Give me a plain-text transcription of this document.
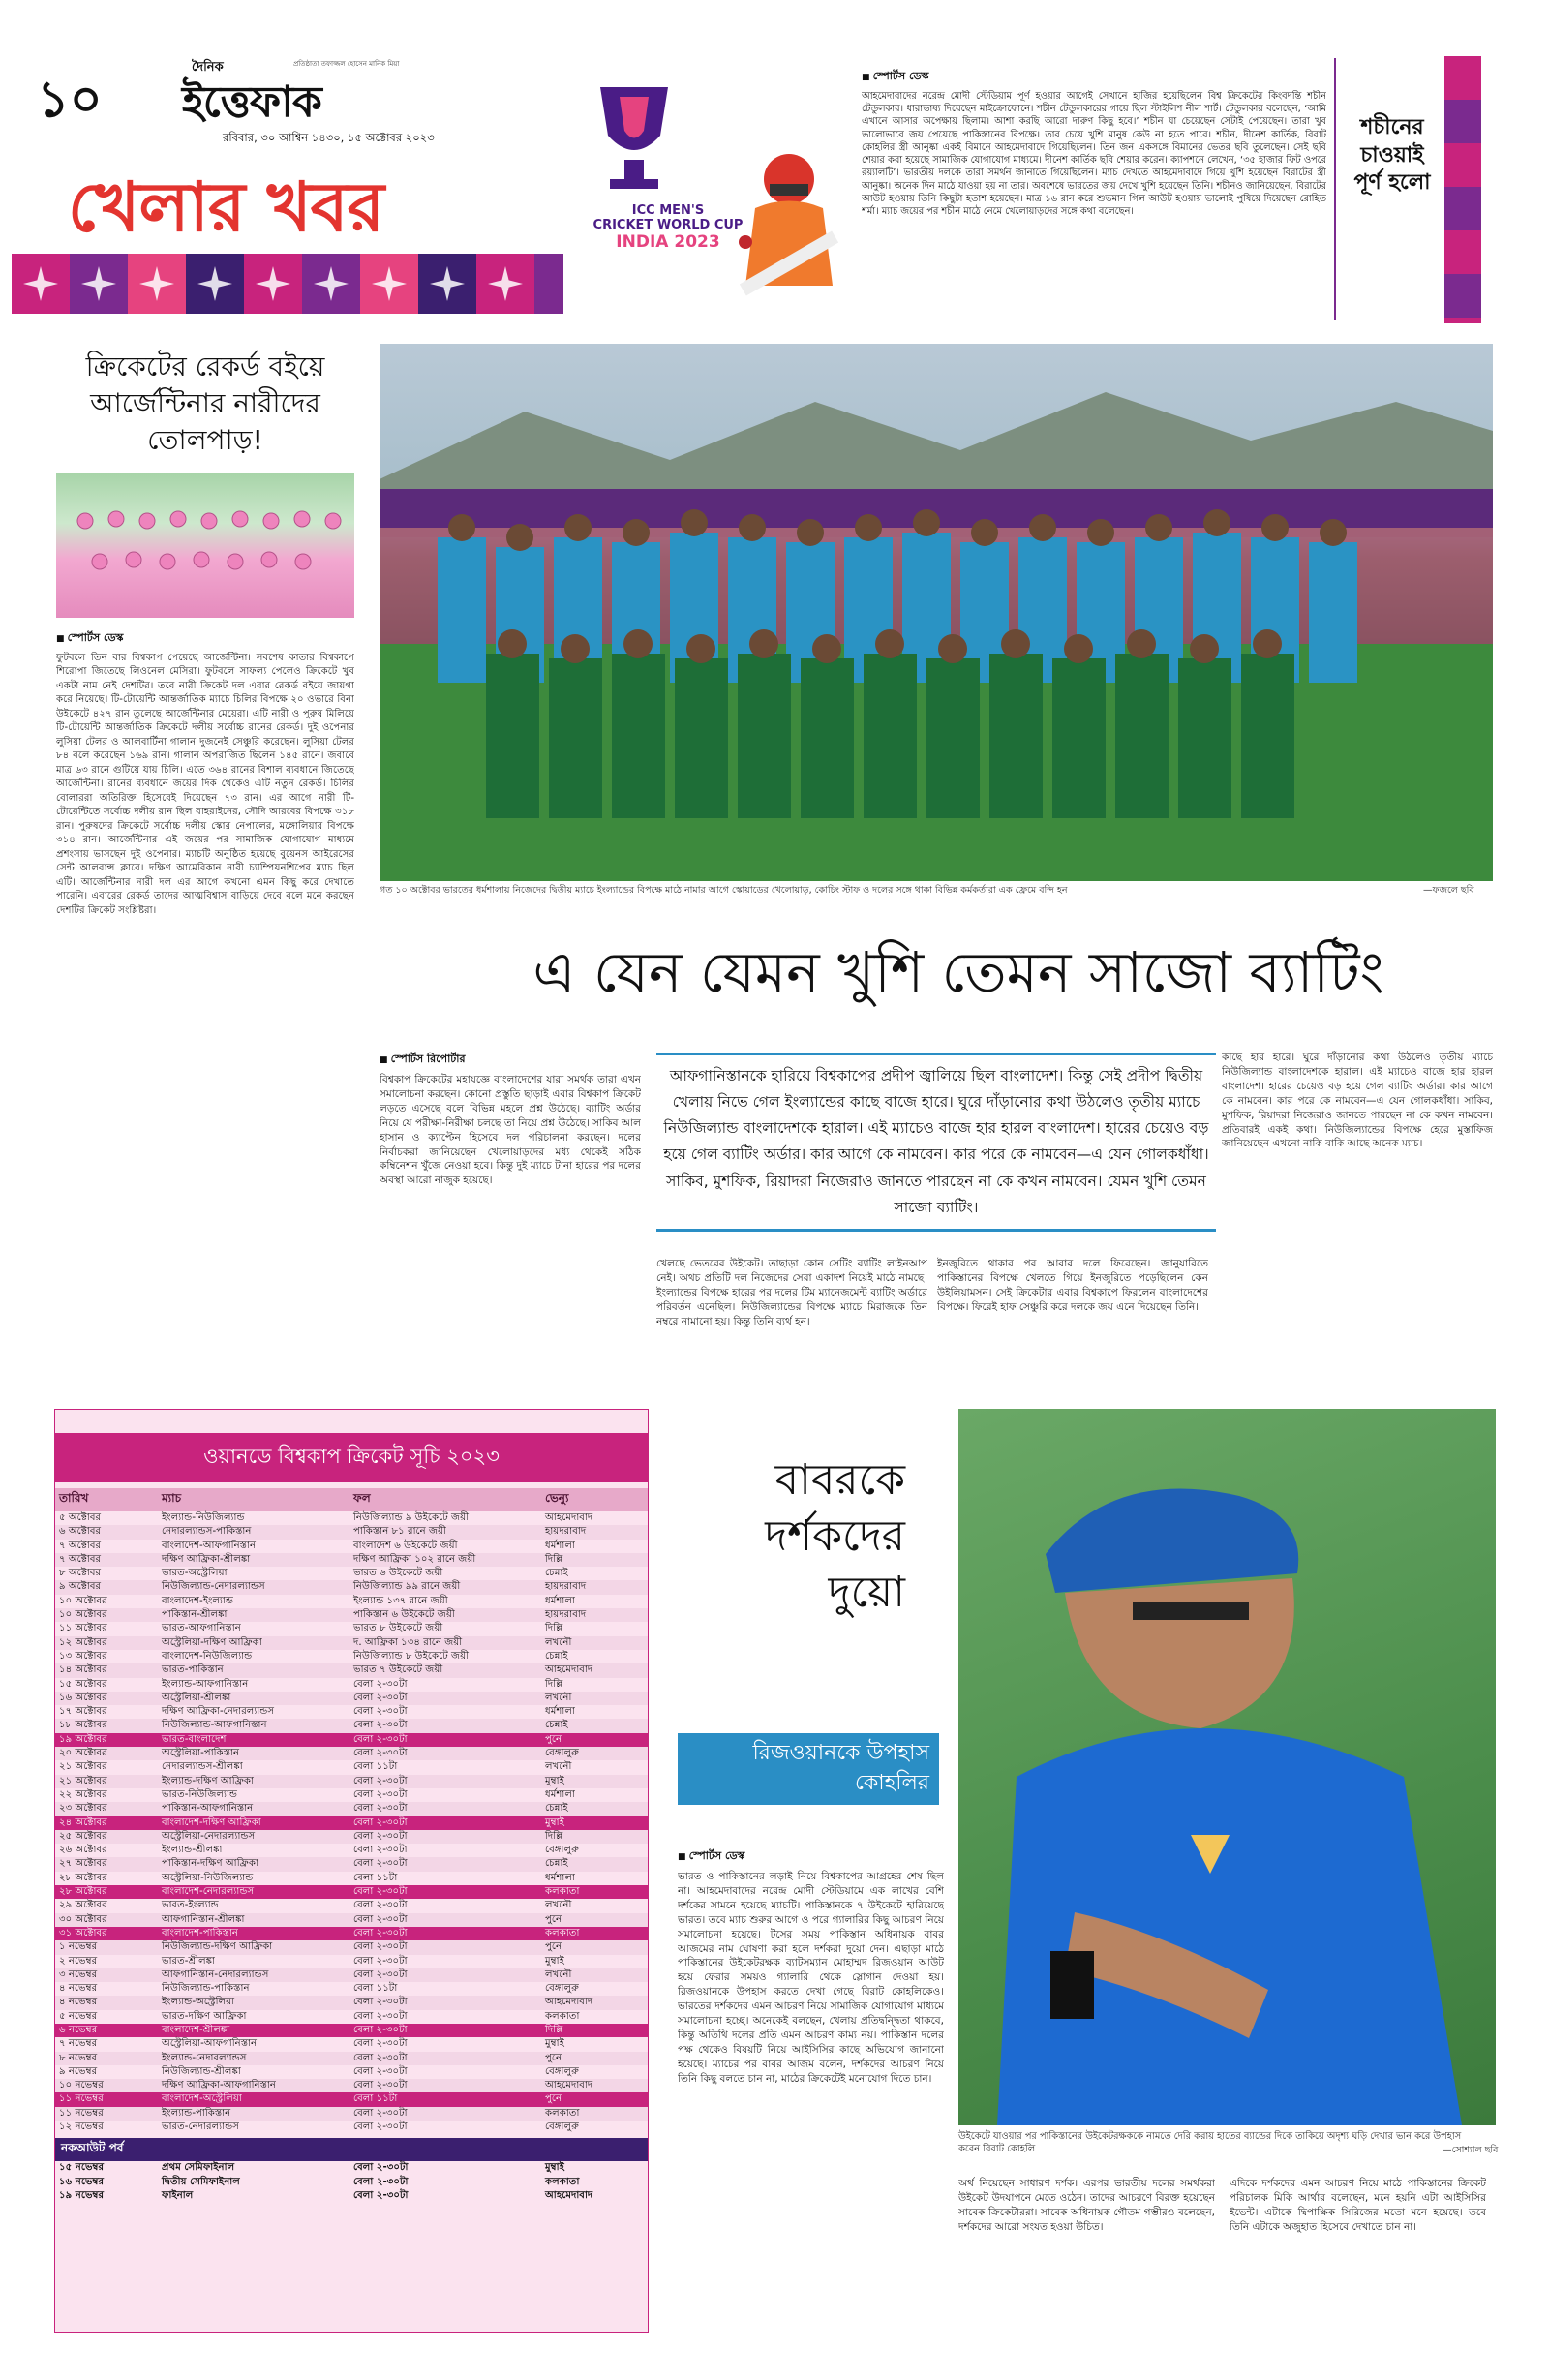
১০
দৈনিক
ইত্তেফাক
প্রতিষ্ঠাতা তফাজ্জল হোসেন মানিক মিয়া
রবিবার, ৩০ আশ্বিন ১৪৩০, ১৫ অক্টোবর ২০২৩
খেলার খবর	ICC MEN'S
CRICKET WORLD CUP
INDIA 2023
■ স্পোর্টস ডেস্ক
আহমেদাবাদের নরেন্দ্র মোদী স্টেডিয়াম পূর্ণ হওয়ার আগেই সেখানে হাজির হয়েছিলেন বিশ্ব ক্রিকেটের কিংবদন্তি শচীন টেন্ডুলকার। ধারাভাষ্য দিয়েছেন মাইক্রোফোনে। শচীন টেন্ডুলকারের গায়ে ছিল স্টাইলিশ নীল শার্ট। টেন্ডুলকার বলেছেন, ‘আমি এখানে আসার অপেক্ষায় ছিলাম। আশা করছি আরো দারুণ কিছু হবে।’ শচীন যা চেয়েছেন সেটাই পেয়েছেন। তারা খুব ভালোভাবে জয় পেয়েছে পাকিস্তানের বিপক্ষে। তার চেয়ে খুশি মানুষ কেউ না হতে পারে। শচীন, দীনেশ কার্তিক, বিরাট কোহলির স্ত্রী আনুষ্কা একই বিমানে আহমেদাবাদে গিয়েছিলেন। তিন জন একসঙ্গে বিমানের ভেতর ছবি তুলেছেন। সেই ছবি শেয়ার করা হয়েছে সামাজিক যোগাযোগ মাধ্যমে। দীনেশ কার্তিক ছবি শেয়ার করেন। ক্যাপশনে লেখেন, ‘৩৫ হাজার ফিট ওপরে রয়্যালটি’। ভারতীয় দলকে তারা সমর্থন জানাতে গিয়েছিলেন। ম্যাচ দেখতে আহমেদাবাদে গিয়ে খুশি হয়েছেন বিরাটের স্ত্রী আনুষ্কা। অনেক দিন মাঠে যাওয়া হয় না তার। অবশেষে ভারতের জয় দেখে খুশি হয়েছেন তিনি। শচীনও জানিয়েছেন, বিরাটের আউট হওয়ায় তিনি কিছুটা হতাশ হয়েছেন। মাত্র ১৬ রান করে শুভমান গিল আউট হওয়ায় ভালোই পুষিয়ে দিয়েছেন রোহিত শর্মা। ম্যাচ জয়ের পর শচীন মাঠে নেমে খেলোয়াড়দের সঙ্গে কথা বলেছেন।
শচীনের চাওয়াই পূর্ণ হলো
ক্রিকেটের রেকর্ড বইয়ে আর্জেন্টিনার নারীদের তোলপাড়!
■ স্পোর্টস ডেস্ক
ফুটবলে তিন বার বিশ্বকাপ পেয়েছে আর্জেন্টিনা। সবশেষ কাতার বিশ্বকাপে শিরোপা জিতেছে লিওনেল মেসিরা। ফুটবলে সাফল্য পেলেও ক্রিকেটে খুব একটা নাম নেই দেশটির। তবে নারী ক্রিকেট দল এবার রেকর্ড বইয়ে জায়গা করে নিয়েছে। টি-টোয়েন্টি আন্তর্জাতিক ম্যাচে চিলির বিপক্ষে ২০ ওভারে বিনা উইকেটে ৪২৭ রান তুলেছে আর্জেন্টিনার মেয়েরা। এটি নারী ও পুরুষ মিলিয়ে টি-টোয়েন্টি আন্তর্জাতিক ক্রিকেটে দলীয় সর্বোচ্চ রানের রেকর্ড। দুই ওপেনার লুসিয়া টেলর ও আলবার্টিনা গালান দুজনেই সেঞ্চুরি করেছেন। লুসিয়া টেলর ৮৪ বলে করেছেন ১৬৯ রান। গালান অপরাজিত ছিলেন ১৪৫ রানে। জবাবে মাত্র ৬৩ রানে গুটিয়ে যায় চিলি। এতে ৩৬৪ রানের বিশাল ব্যবধানে জিতেছে আর্জেন্টিনা। রানের ব্যবধানে জয়ের দিক থেকেও এটি নতুন রেকর্ড। চিলির বোলাররা অতিরিক্ত হিসেবেই দিয়েছেন ৭৩ রান। এর আগে নারী টি-টোয়েন্টিতে সর্বোচ্চ দলীয় রান ছিল বাহরাইনের, সৌদি আরবের বিপক্ষে ৩১৮ রান। পুরুষদের ক্রিকেটে সর্বোচ্চ দলীয় স্কোর নেপালের, মঙ্গোলিয়ার বিপক্ষে ৩১৪ রান। আর্জেন্টিনার এই জয়ের পর সামাজিক যোগাযোগ মাধ্যমে প্রশংসায় ভাসছেন দুই ওপেনার। ম্যাচটি অনুষ্ঠিত হয়েছে বুয়েনস আইরেসের সেন্ট আলবান্স ক্লাবে। দক্ষিণ আমেরিকান নারী চ্যাম্পিয়নশিপের ম্যাচ ছিল এটি। আর্জেন্টিনার নারী দল এর আগে কখনো এমন কিছু করে দেখাতে পারেনি। এবারের রেকর্ড তাদের আত্মবিশ্বাস বাড়িয়ে দেবে বলে মনে করছেন দেশটির ক্রিকেট সংশ্লিষ্টরা।
গত ১০ অক্টোবর ভারতের ধর্মশালায় নিজেদের দ্বিতীয় ম্যাচে ইংল্যান্ডের বিপক্ষে মাঠে নামার আগে স্কোয়াডের খেলোয়াড়, কোচিং স্টাফ ও দলের সঙ্গে থাকা বিভিন্ন কর্মকর্তারা এক ফ্রেমে বন্দি হন	—ফজলে ছবি
এ যেন যেমন খুশি তেমন সাজো ব্যাটিং
■ স্পোর্টস রিপোর্টার
বিশ্বকাপ ক্রিকেটের মহাযজ্ঞে বাংলাদেশের যারা সমর্থক তারা এখন সমালোচনা করছেন। কোনো প্রস্তুতি ছাড়াই এবার বিশ্বকাপ ক্রিকেট লড়তে এসেছে বলে বিভিন্ন মহলে প্রশ্ন উঠেছে। ব্যাটিং অর্ডার নিয়ে যে পরীক্ষা-নিরীক্ষা চলছে তা নিয়ে প্রশ্ন উঠেছে। সাকিব আল হাসান ও ক্যাপ্টেন হিসেবে দল পরিচালনা করছেন। দলের নির্বাচকরা জানিয়েছেন খেলোয়াড়দের মধ্য থেকেই সঠিক কম্বিনেশন খুঁজে নেওয়া হবে। কিন্তু দুই ম্যাচে টানা হারের পর দলের অবস্থা আরো নাজুক হয়েছে।
আফগানিস্তানকে হারিয়ে বিশ্বকাপের প্রদীপ জ্বালিয়ে ছিল বাংলাদেশ। কিন্তু সেই প্রদীপ দ্বিতীয় খেলায় নিভে গেল ইংল্যান্ডের কাছে বাজে হারে। ঘুরে দাঁড়ানোর কথা উঠলেও তৃতীয় ম্যাচে নিউজিল্যান্ড বাংলাদেশকে হারাল। এই ম্যাচেও বাজে হার হারল বাংলাদেশ। হারের চেয়েও বড় হয়ে গেল ব্যাটিং অর্ডার। কার আগে কে নামবেন। কার পরে কে নামবেন—এ যেন গোলকধাঁধা। সাকিব, মুশফিক, রিয়াদরা নিজেরাও জানতে পারছেন না কে কখন নামবেন। যেমন খুশি তেমন সাজো ব্যাটিং।
খেলছে ভেতরের উইকেট। তাছাড়া কোন সেটিং ব্যাটিং লাইনআপ নেই। অথচ প্রতিটি দল নিজেদের সেরা একাদশ নিয়েই মাঠে নামছে। ইংল্যান্ডের বিপক্ষে হারের পর দলের টিম ম্যানেজমেন্ট ব্যাটিং অর্ডারে পরিবর্তন এনেছিল। নিউজিল্যান্ডের বিপক্ষে ম্যাচে মিরাজকে তিন নম্বরে নামানো হয়। কিন্তু তিনি ব্যর্থ হন।
ইনজুরিতে থাকার পর আবার দলে ফিরেছেন। জানুয়ারিতে পাকিস্তানের বিপক্ষে খেলতে গিয়ে ইনজুরিতে পড়েছিলেন কেন উইলিয়ামসন। সেই ক্রিকেটার এবার বিশ্বকাপে ফিরলেন বাংলাদেশের বিপক্ষে। ফিরেই হাফ সেঞ্চুরি করে দলকে জয় এনে দিয়েছেন তিনি।
কাছে হার হারে। ঘুরে দাঁড়ানোর কথা উঠলেও তৃতীয় ম্যাচে নিউজিল্যান্ড বাংলাদেশকে হারাল। এই ম্যাচেও বাজে হার হারল বাংলাদেশ। হারের চেয়েও বড় হয়ে গেল ব্যাটিং অর্ডার। কার আগে কে নামবেন। কার পরে কে নামবেন—এ যেন গোলকধাঁধা। সাকিব, মুশফিক, রিয়াদরা নিজেরাও জানতে পারছেন না কে কখন নামবেন। প্রতিবারই একই কথা। নিউজিল্যান্ডের বিপক্ষে হেরে মুস্তাফিজ জানিয়েছেন এখনো নাকি বাকি আছে অনেক ম্যাচ।
ওয়ানডে বিশ্বকাপ ক্রিকেট সূচি ২০২৩
তারিখ	ম্যাচ	ফল	ভেন্যু
৫ অক্টোবর	ইংল্যান্ড-নিউজিল্যান্ড	নিউজিল্যান্ড ৯ উইকেটে জয়ী	আহমেদাবাদ
৬ অক্টোবর	নেদারল্যান্ডস-পাকিস্তান	পাকিস্তান ৮১ রানে জয়ী	হায়দরাবাদ
৭ অক্টোবর	বাংলাদেশ-আফগানিস্তান	বাংলাদেশ ৬ উইকেটে জয়ী	ধর্মশালা
৭ অক্টোবর	দক্ষিণ আফ্রিকা-শ্রীলঙ্কা	দক্ষিণ আফ্রিকা ১০২ রানে জয়ী	দিল্লি
৮ অক্টোবর	ভারত-অস্ট্রেলিয়া	ভারত ৬ উইকেটে জয়ী	চেন্নাই
৯ অক্টোবর	নিউজিল্যান্ড-নেদারল্যান্ডস	নিউজিল্যান্ড ৯৯ রানে জয়ী	হায়দরাবাদ
১০ অক্টোবর	বাংলাদেশ-ইংল্যান্ড	ইংল্যান্ড ১৩৭ রানে জয়ী	ধর্মশালা
১০ অক্টোবর	পাকিস্তান-শ্রীলঙ্কা	পাকিস্তান ৬ উইকেটে জয়ী	হায়দরাবাদ
১১ অক্টোবর	ভারত-আফগানিস্তান	ভারত ৮ উইকেটে জয়ী	দিল্লি
১২ অক্টোবর	অস্ট্রেলিয়া-দক্ষিণ আফ্রিকা	দ. আফ্রিকা ১৩৪ রানে জয়ী	লখনৌ
১৩ অক্টোবর	বাংলাদেশ-নিউজিল্যান্ড	নিউজিল্যান্ড ৮ উইকেটে জয়ী	চেন্নাই
১৪ অক্টোবর	ভারত-পাকিস্তান	ভারত ৭ উইকেটে জয়ী	আহমেদাবাদ
১৫ অক্টোবর	ইংল্যান্ড-আফগানিস্তান	বেলা ২-৩০টা	দিল্লি
১৬ অক্টোবর	অস্ট্রেলিয়া-শ্রীলঙ্কা	বেলা ২-৩০টা	লখনৌ
১৭ অক্টোবর	দক্ষিণ আফ্রিকা-নেদারল্যান্ডস	বেলা ২-৩০টা	ধর্মশালা
১৮ অক্টোবর	নিউজিল্যান্ড-আফগানিস্তান	বেলা ২-৩০টা	চেন্নাই
১৯ অক্টোবর	ভারত-বাংলাদেশ	বেলা ২-৩০টা	পুনে
২০ অক্টোবর	অস্ট্রেলিয়া-পাকিস্তান	বেলা ২-৩০টা	বেঙ্গালুরু
২১ অক্টোবর	নেদারল্যান্ডস-শ্রীলঙ্কা	বেলা ১১টা	লখনৌ
২১ অক্টোবর	ইংল্যান্ড-দক্ষিণ আফ্রিকা	বেলা ২-৩০টা	মুম্বাই
২২ অক্টোবর	ভারত-নিউজিল্যান্ড	বেলা ২-৩০টা	ধর্মশালা
২৩ অক্টোবর	পাকিস্তান-আফগানিস্তান	বেলা ২-৩০টা	চেন্নাই
২৪ অক্টোবর	বাংলাদেশ-দক্ষিণ আফ্রিকা	বেলা ২-৩০টা	মুম্বাই
২৫ অক্টোবর	অস্ট্রেলিয়া-নেদারল্যান্ডস	বেলা ২-৩০টা	দিল্লি
২৬ অক্টোবর	ইংল্যান্ড-শ্রীলঙ্কা	বেলা ২-৩০টা	বেঙ্গালুরু
২৭ অক্টোবর	পাকিস্তান-দক্ষিণ আফ্রিকা	বেলা ২-৩০টা	চেন্নাই
২৮ অক্টোবর	অস্ট্রেলিয়া-নিউজিল্যান্ড	বেলা ১১টা	ধর্মশালা
২৮ অক্টোবর	বাংলাদেশ-নেদারল্যান্ডস	বেলা ২-৩০টা	কলকাতা
২৯ অক্টোবর	ভারত-ইংল্যান্ড	বেলা ২-৩০টা	লখনৌ
৩০ অক্টোবর	আফগানিস্তান-শ্রীলঙ্কা	বেলা ২-৩০টা	পুনে
৩১ অক্টোবর	বাংলাদেশ-পাকিস্তান	বেলা ২-৩০টা	কলকাতা
১ নভেম্বর	নিউজিল্যান্ড-দক্ষিণ আফ্রিকা	বেলা ২-৩০টা	পুনে
২ নভেম্বর	ভারত-শ্রীলঙ্কা	বেলা ২-৩০টা	মুম্বাই
৩ নভেম্বর	আফগানিস্তান-নেদারল্যান্ডস	বেলা ২-৩০টা	লখনৌ
৪ নভেম্বর	নিউজিল্যান্ড-পাকিস্তান	বেলা ১১টা	বেঙ্গালুরু
৪ নভেম্বর	ইংল্যান্ড-অস্ট্রেলিয়া	বেলা ২-৩০টা	আহমেদাবাদ
৫ নভেম্বর	ভারত-দক্ষিণ আফ্রিকা	বেলা ২-৩০টা	কলকাতা
৬ নভেম্বর	বাংলাদেশ-শ্রীলঙ্কা	বেলা ২-৩০টা	দিল্লি
৭ নভেম্বর	অস্ট্রেলিয়া-আফগানিস্তান	বেলা ২-৩০টা	মুম্বাই
৮ নভেম্বর	ইংল্যান্ড-নেদারল্যান্ডস	বেলা ২-৩০টা	পুনে
৯ নভেম্বর	নিউজিল্যান্ড-শ্রীলঙ্কা	বেলা ২-৩০টা	বেঙ্গালুরু
১০ নভেম্বর	দক্ষিণ আফ্রিকা-আফগানিস্তান	বেলা ২-৩০টা	আহমেদাবাদ
১১ নভেম্বর	বাংলাদেশ-অস্ট্রেলিয়া	বেলা ১১টা	পুনে
১১ নভেম্বর	ইংল্যান্ড-পাকিস্তান	বেলা ২-৩০টা	কলকাতা
১২ নভেম্বর	ভারত-নেদারল্যান্ডস	বেলা ২-৩০টা	বেঙ্গালুরু
নকআউট পর্ব
১৫ নভেম্বর	প্রথম সেমিফাইনাল	বেলা ২-৩০টা	মুম্বাই
১৬ নভেম্বর	দ্বিতীয় সেমিফাইনাল	বেলা ২-৩০টা	কলকাতা
১৯ নভেম্বর	ফাইনাল	বেলা ২-৩০টা	আহমেদাবাদ
বাবরকে দর্শকদের দুয়ো
রিজওয়ানকে উপহাস কোহলির
উইকেটে যাওয়ার পর পাকিস্তানের উইকেটরক্ষককে নামতে দেরি করায় হাতের ব্যান্ডের দিকে তাকিয়ে অদৃশ্য ঘড়ি দেখার ভান করে উপহাস করেন বিরাট কোহলি	—সোশ্যাল ছবি
■ স্পোর্টস ডেস্ক
ভারত ও পাকিস্তানের লড়াই নিয়ে বিশ্বকাপের আগ্রহের শেষ ছিল না। আহমেদাবাদের নরেন্দ্র মোদী স্টেডিয়ামে এক লাখের বেশি দর্শকের সামনে হয়েছে ম্যাচটি। পাকিস্তানকে ৭ উইকেটে হারিয়েছে ভারত। তবে ম্যাচ শুরুর আগে ও পরে গ্যালারির কিছু আচরণ নিয়ে সমালোচনা হয়েছে। টসের সময় পাকিস্তান অধিনায়ক বাবর আজমের নাম ঘোষণা করা হলে দর্শকরা দুয়ো দেন। এছাড়া মাঠে পাকিস্তানের উইকেটরক্ষক ব্যাটসম্যান মোহাম্মদ রিজওয়ান আউট হয়ে ফেরার সময়ও গ্যালারি থেকে স্লোগান দেওয়া হয়। রিজওয়ানকে উপহাস করতে দেখা গেছে বিরাট কোহলিকেও। ভারতের দর্শকদের এমন আচরণ নিয়ে সামাজিক যোগাযোগ মাধ্যমে সমালোচনা হচ্ছে। অনেকেই বলছেন, খেলায় প্রতিদ্বন্দ্বিতা থাকবে, কিন্তু অতিথি দলের প্রতি এমন আচরণ কাম্য নয়। পাকিস্তান দলের পক্ষ থেকেও বিষয়টি নিয়ে আইসিসির কাছে অভিযোগ জানানো হয়েছে। ম্যাচের পর বাবর আজম বলেন, দর্শকদের আচরণ নিয়ে তিনি কিছু বলতে চান না, মাঠের ক্রিকেটেই মনোযোগ দিতে চান।
অর্থ নিয়েছেন সাধারণ দর্শক। এরপর ভারতীয় দলের সমর্থকরা উইকেট উদযাপনে মেতে ওঠেন। তাদের আচরণে বিরক্ত হয়েছেন সাবেক ক্রিকেটাররা। সাবেক অধিনায়ক গৌতম গম্ভীরও বলেছেন, দর্শকদের আরো সংযত হওয়া উচিত।
এদিকে দর্শকদের এমন আচরণ নিয়ে মাঠে পাকিস্তানের ক্রিকেট পরিচালক মিকি আর্থার বলেছেন, মনে হয়নি এটা আইসিসির ইভেন্ট। এটাকে দ্বিপাক্ষিক সিরিজের মতো মনে হয়েছে। তবে তিনি এটাকে অজুহাত হিসেবে দেখাতে চান না।
